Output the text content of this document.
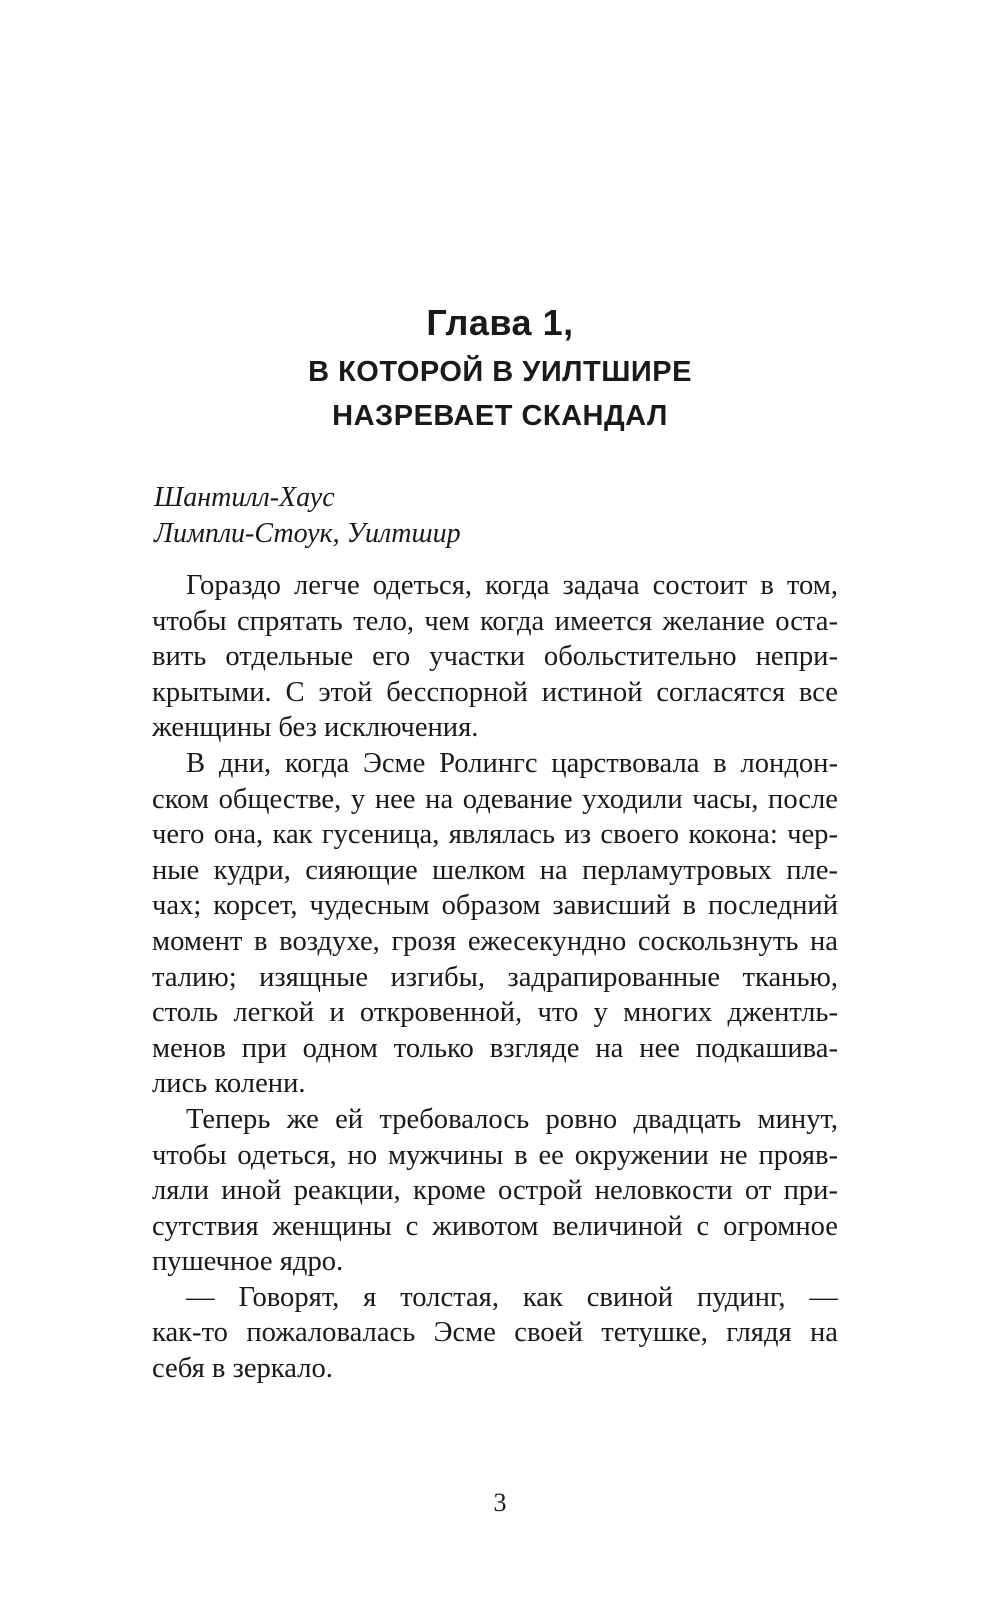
Глава 1,
В КОТОРОЙ В УИЛТШИРЕ
НАЗРЕВАЕТ СКАНДАЛ
Шантилл-Хаус
Лимпли-Стоук, Уилтшир
Гораздо легче одеться, когда задача состоит в том,
чтобы спрятать тело, чем когда имеется желание оста-
вить отдельные его участки обольстительно непри-
крытыми. С этой бесспорной истиной согласятся все
женщины без исключения.
В дни, когда Эсме Ролингс царствовала в лондон-
ском обществе, у нее на одевание уходили часы, после
чего она, как гусеница, являлась из своего кокона: чер-
ные кудри, сияющие шелком на перламутровых пле-
чах; корсет, чудесным образом зависший в последний
момент в воздухе, грозя ежесекундно соскользнуть на
талию; изящные изгибы, задрапированные тканью,
столь легкой и откровенной, что у многих джентль-
менов при одном только взгляде на нее подкашива-
лись колени.
Теперь же ей требовалось ровно двадцать минут,
чтобы одеться, но мужчины в ее окружении не прояв-
ляли иной реакции, кроме острой неловкости от при-
сутствия женщины с животом величиной с огромное
пушечное ядро.
— Говорят, я толстая, как свиной пудинг, —
как-то пожаловалась Эсме своей тетушке, глядя на
себя в зеркало.
3
